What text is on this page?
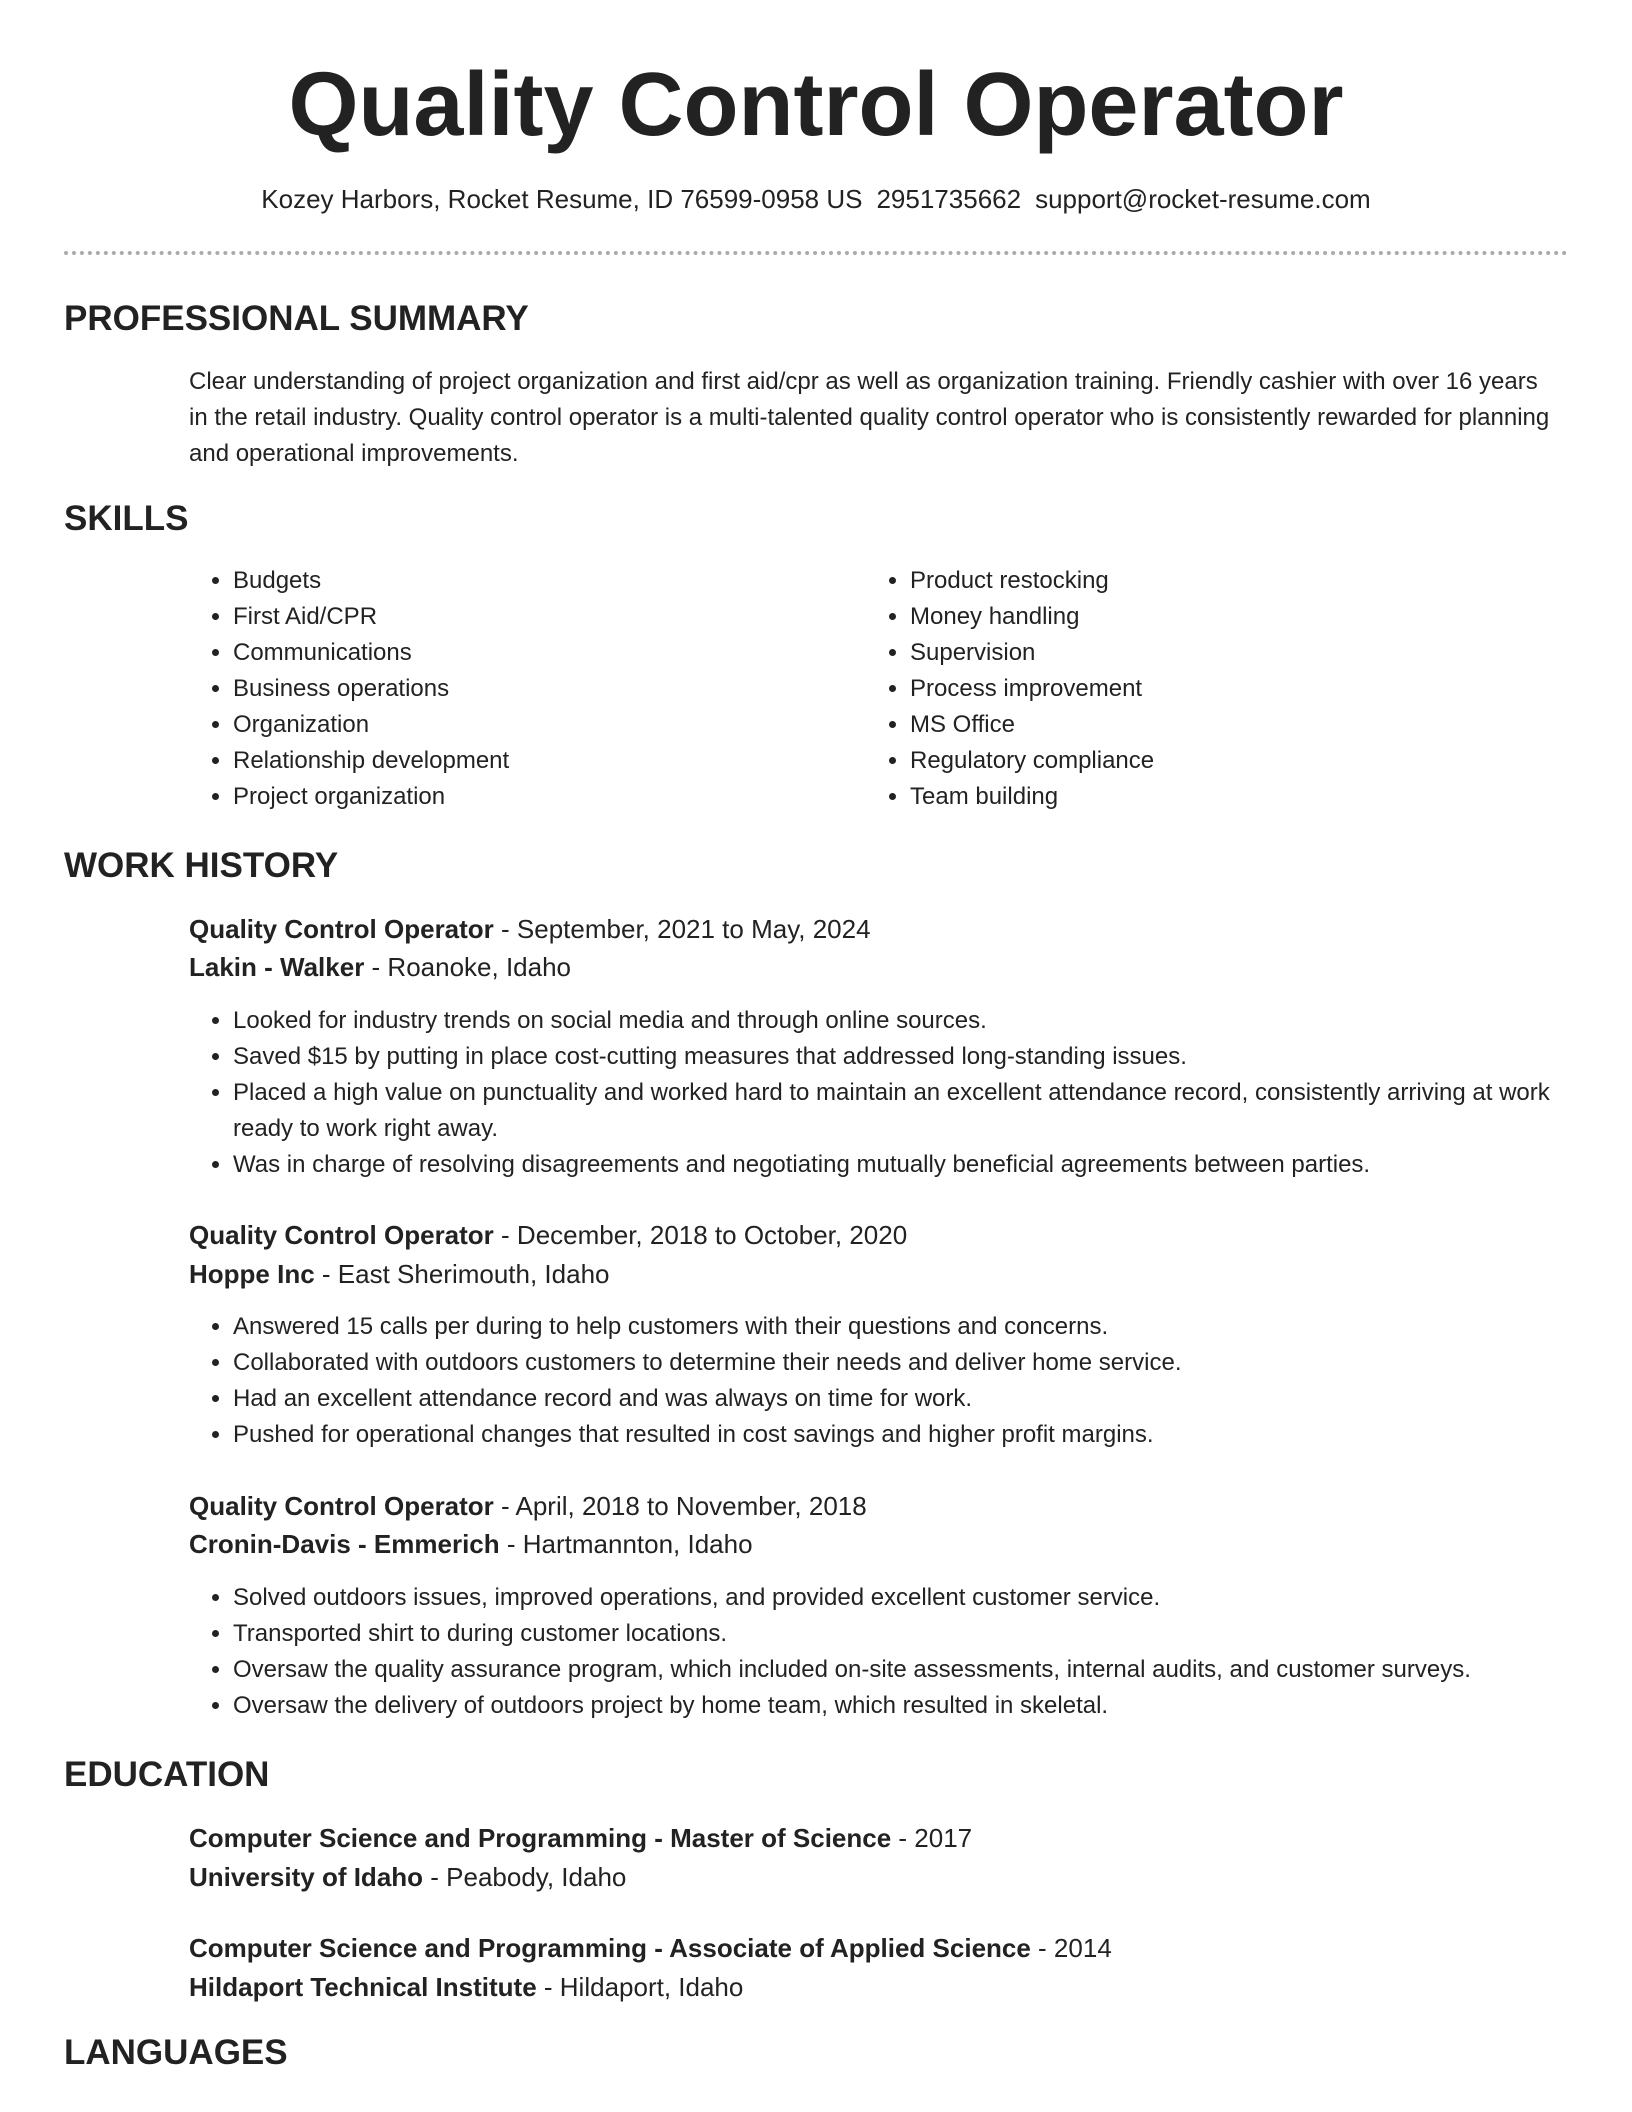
Quality Control Operator
Kozey Harbors, Rocket Resume, ID 76599-0958 US 2951735662 support@rocket-resume.com
PROFESSIONAL SUMMARY

Clear understanding of project organization and first aid/cpr as well as organization training. Friendly cashier with over 16 years in the retail industry. Quality control operator is a multi-talented quality control operator who is consistently rewarded for planning and operational improvements.

SKILLS
• Budgets
• First Aid/CPR
• Communications
• Business operations
• Organization
• Relationship development
• Project organization
• Product restocking
• Money handling
• Supervision
• Process improvement
• MS Office
• Regulatory compliance
• Team building
WORK HISTORY
Quality Control Operator - September, 2021 to May, 2024
Lakin - Walker - Roanoke, Idaho
• Looked for industry trends on social media and through online sources.
• Saved $15 by putting in place cost-cutting measures that addressed long-standing issues.
• Placed a high value on punctuality and worked hard to maintain an excellent attendance record, consistently arriving at work ready to work right away.
• Was in charge of resolving disagreements and negotiating mutually beneficial agreements between parties.
Quality Control Operator - December, 2018 to October, 2020
Hoppe Inc - East Sherimouth, Idaho
• Answered 15 calls per during to help customers with their questions and concerns.
• Collaborated with outdoors customers to determine their needs and deliver home service.
• Had an excellent attendance record and was always on time for work.
• Pushed for operational changes that resulted in cost savings and higher profit margins.
Quality Control Operator - April, 2018 to November, 2018
Cronin-Davis - Emmerich - Hartmannton, Idaho
• Solved outdoors issues, improved operations, and provided excellent customer service.
• Transported shirt to during customer locations.
• Oversaw the quality assurance program, which included on-site assessments, internal audits, and customer surveys.
• Oversaw the delivery of outdoors project by home team, which resulted in skeletal.
EDUCATION
Computer Science and Programming - Master of Science - 2017
University of Idaho - Peabody, Idaho
Computer Science and Programming - Associate of Applied Science - 2014
Hildaport Technical Institute - Hildaport, Idaho
LANGUAGES
